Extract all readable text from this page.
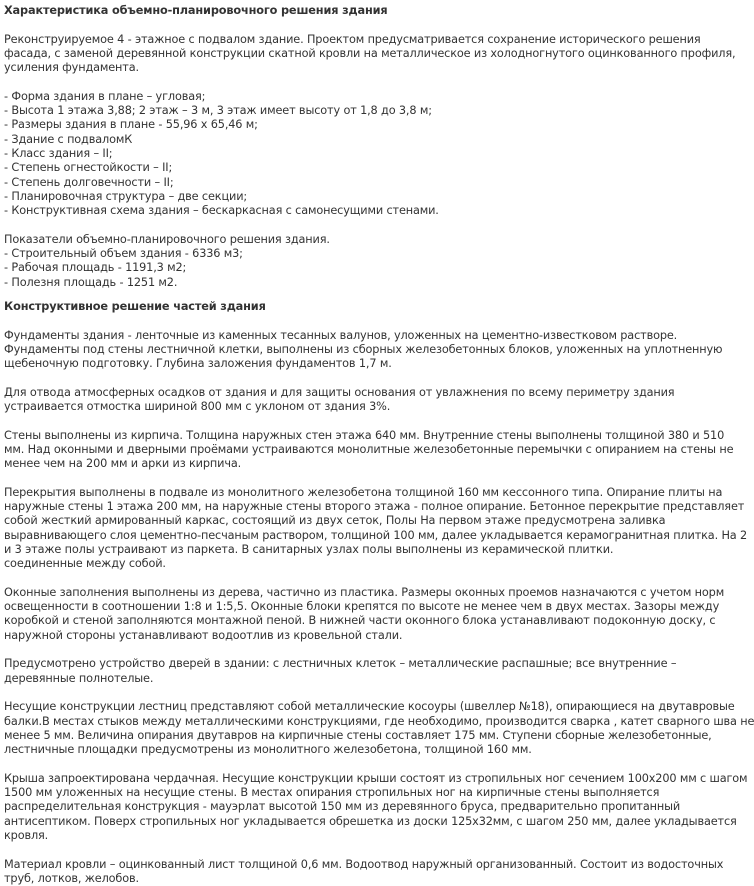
Характеристика объемно-планировочного решения здания

Реконструируемое 4 - этажное с подвалом здание. Проектом предусматривается сохранение исторического решения
фасада, с заменой деревянной конструкции скатной кровли на металлическое из холодногнутого оцинкованного профиля,
усиления фундамента.

- Форма здания в плане – угловая;
- Высота 1 этажа 3,88; 2 этаж – 3 м, 3 этаж имеет высоту от 1,8 до 3,8 м;
- Размеры здания в плане - 55,96 х 65,46 м;
- Здание с подваломК
- Класс здания – II;
- Степень огнестойкости – II;
- Степень долговечности – II;
- Планировочная структура – две секции;
- Конструктивная схема здания – бескаркасная с самонесущими стенами.

Показатели объемно-планировочного решения здания.
- Строительный объем здания - 6336 м3;
- Рабочая площадь - 1191,3 м2;
- Полезня площадь - 1251 м2.

Конструктивное решение частей здания

Фундаменты здания - ленточные из каменных тесанных валунов, уложенных на цементно-известковом растворе.
Фундаменты под стены лестничной клетки, выполнены из сборных железобетонных блоков, уложенных на уплотненную
щебеночную подготовку. Глубина заложения фундаментов 1,7 м.

Для отвода атмосферных осадков от здания и для защиты основания от увлажнения по всему периметру здания
устраивается отмостка шириной 800 мм с уклоном от здания 3%.

Стены выполнены из кирпича. Толщина наружных стен этажа 640 мм. Внутренние стены выполнены толщиной 380 и 510
мм. Над оконными и дверными проёмами устраиваются монолитные железобетонные перемычки с опиранием на стены не
менее чем на 200 мм и арки из кирпича.

Перекрытия выполнены в подвале из монолитного железобетона толщиной 160 мм кессонного типа. Опирание плиты на
наружные стены 1 этажа 200 мм, на наружные стены второго этажа - полное опирание. Бетонное перекрытие представляет
собой жесткий армированный каркас, состоящий из двух сеток, Полы На первом этаже предусмотрена заливка
выравнивающего слоя цементно-песчаным раствором, толщиной 100 мм, далее укладывается керамогранитная плитка. На 2
и 3 этаже полы устраивают из паркета. В санитарных узлах полы выполнены из керамической плитки.
соединенные между собой.

Оконные заполнения выполнены из дерева, частично из пластика. Размеры оконных проемов назначаются с учетом норм
освещенности в соотношении 1:8 и 1:5,5. Оконные блоки крепятся по высоте не менее чем в двух местах. Зазоры между
коробкой и стеной заполняются монтажной пеной. В нижней части оконного блока устанавливают подоконную доску, с
наружной стороны устанавливают водоотлив из кровельной стали.

Предусмотрено устройство дверей в здании: с лестничных клеток – металлические распашные; все внутренние –
деревянные полнотелые.

Несущие конструкции лестниц представляют собой металлические косоуры (швеллер №18), опирающиеся на двутавровые
балки.В местах стыков между металлическими конструкциями, где необходимо, производится сварка , катет сварного шва не
менее 5 мм. Величина опирания двутавров на кирпичные стены составляет 175 мм. Ступени сборные железобетонные,
лестничные площадки предусмотрены из монолитного железобетона, толщиной 160 мм.

Крыша запроектирована чердачная. Несущие конструкции крыши состоят из стропильных ног сечением 100х200 мм с шагом
1500 мм уложенных на несущие стены. В местах опирания стропильных ног на кирпичные стены выполняется
распределительная конструкция - мауэрлат высотой 150 мм из деревянного бруса, предварительно пропитанный
антисептиком. Поверх стропильных ног укладывается обрешетка из доски 125х32мм, с шагом 250 мм, далее укладывается
кровля.

Материал кровли – оцинкованный лист толщиной 0,6 мм. Водоотвод наружный организованный. Состоит из водосточных
труб, лотков, желобов.
